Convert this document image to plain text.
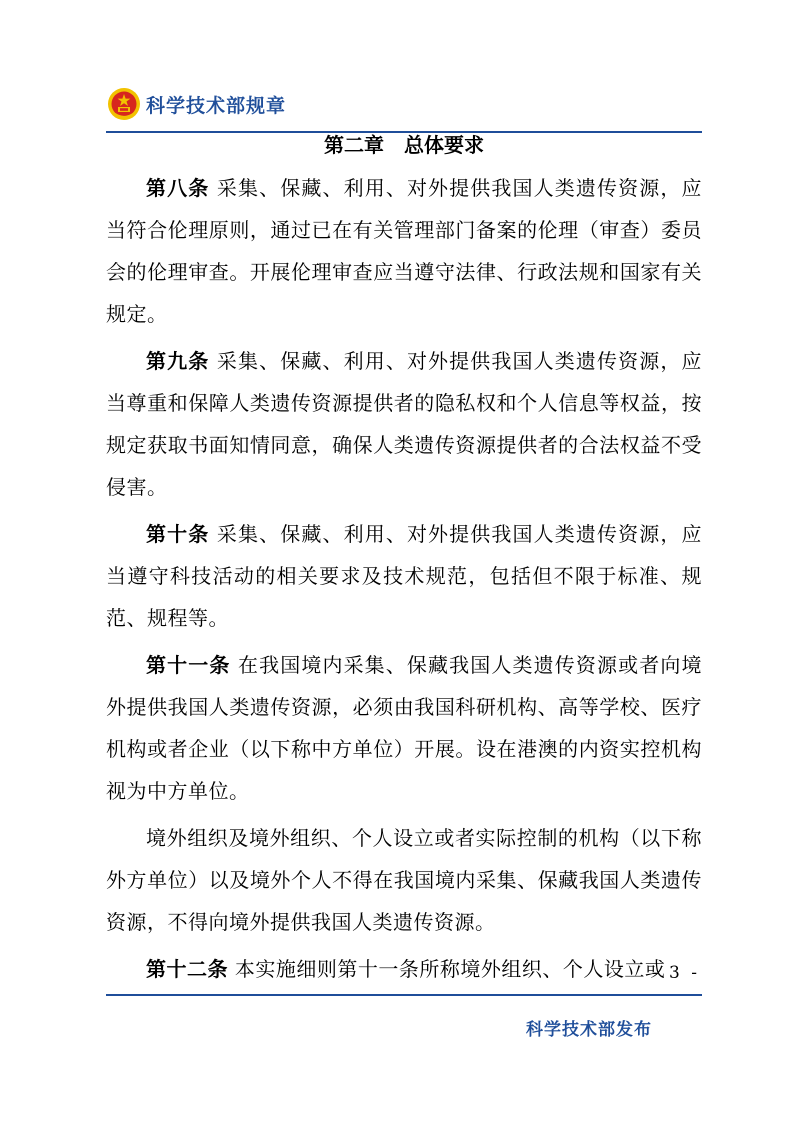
科学技术部规章
第二章　总体要求

第八条 采集、保藏、利用、对外提供我国人类遗传资源，应当符合伦理原则，通过已在有关管理部门备案的伦理（审查）委员会的伦理审查。开展伦理审查应当遵守法律、行政法规和国家有关规定。

第九条 采集、保藏、利用、对外提供我国人类遗传资源，应当尊重和保障人类遗传资源提供者的隐私权和个人信息等权益，按规定获取书面知情同意，确保人类遗传资源提供者的合法权益不受侵害。

第十条 采集、保藏、利用、对外提供我国人类遗传资源，应当遵守科技活动的相关要求及技术规范，包括但不限于标准、规范、规程等。

第十一条 在我国境内采集、保藏我国人类遗传资源或者向境外提供我国人类遗传资源，必须由我国科研机构、高等学校、医疗机构或者企业（以下称中方单位）开展。设在港澳的内资实控机构视为中方单位。

境外组织及境外组织、个人设立或者实际控制的机构（以下称外方单位）以及境外个人不得在我国境内采集、保藏我国人类遗传资源，不得向境外提供我国人类遗传资源。

第十二条 本实施细则第十一条所称境外组织、个人设立或

- 3 -
科学技术部发布
